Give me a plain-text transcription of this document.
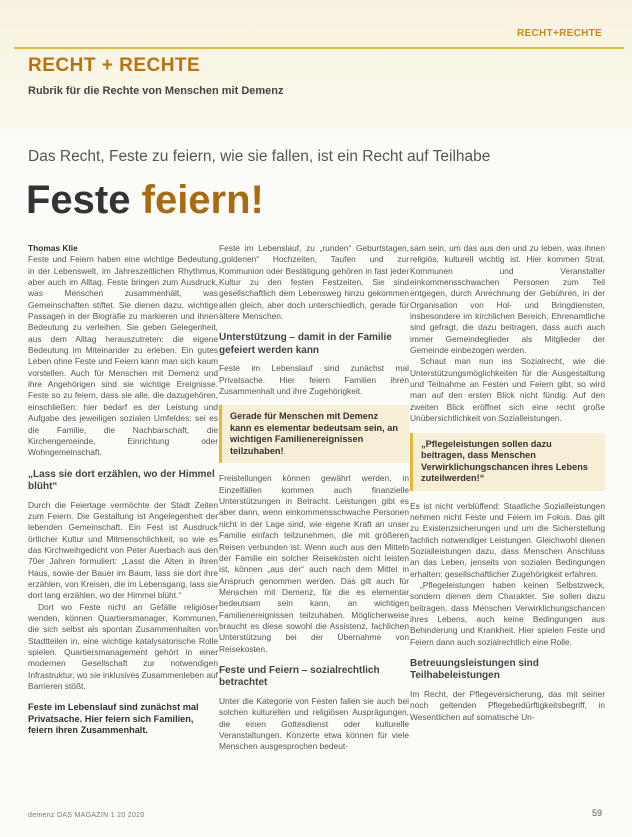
RECHT+RECHTE
RECHT + RECHTE
Rubrik für die Rechte von Menschen mit Demenz
Das Recht, Feste zu feiern, wie sie fallen, ist ein Recht auf Teilhabe
Feste feiern!

Thomas Klie

Feste und Feiern haben eine wichtige Bedeutung in der Lebenswelt, im Jahreszeitlichen Rhythmus, aber auch im Alltag. Feste bringen zum Ausdruck, was Menschen zusammenhält, was Gemeinschaften stiftet. Sie dienen dazu, wichtige Passagen in der Biografie zu markieren und ihnen Bedeutung zu verleihen. Sie geben Gelegenheit, aus dem Alltag herauszutreten: die eigene Bedeutung im Miteinander zu erleben. Ein gutes Leben ohne Feste und Feiern kann man sich kaum vorstellen. Auch für Menschen mit Demenz und ihre Angehörigen sind sie wichtige Ereignisse. Feste so zu feiern, dass sie alle, die dazugehören, einschließen: hier bedarf es der Leistung und Aufgabe des jeweiligen sozialen Umfeldes: sei es die Familie, die Nachbarschaft, die Kirchengemeinde, Einrichtung oder Wohngemeinschaft.

„Lass sie dort erzählen, wo der Himmel blüht“

Durch die Feiertage vermöchte der Stadt Zeiten zum Feiern. Die Gestaltung ist Angelegenheit der lebenden Gemeinschaft. Ein Fest ist Ausdruck örtlicher Kultur und Mitmenschlichkeit, so wie es das Kirchweihgedicht von Peter Auerbach aus den 70er Jahren formuliert: „Lasst die Alten in ihren Haus, sowie der Bauer im Baum, lass sie dort ihre erzählen, von Kreisen, die im Lebensgang, lass sie dort lang erzählen, wo der Himmel blüht.“

Dort wo Feste nicht an Gefälle religiöser wenden, können Quartiersmanager, Kommunen, die sich selbst als spontan Zusammenhalten von Stadtteilen in, eine wichtige katalysatorische Rolle spielen. Quartiersmanagement gehört in einer modernen Gesellschaft zur notwendigen Infrastruktur, wo sie inklusives Zusammenleben auf Barrieren stößt.

Feste im Lebenslauf sind zunächst mal Privatsache. Hier feiern sich Familien, feiern ihren Zusammenhalt.

Feste im Lebenslauf, zu „runden“ Geburtstagen, „goldenen“ Hochzeiten, Taufen und zur Kommunion oder Bestätigung gehören in fast jeder Kultur zu den festen Festzeiten. Sie sind gesellschaftlich dem Lebensweg hinzu gekommen allen gleich, aber doch unterschiedlich, gerade für ältere Menschen.

Unterstützung – damit in der Familie gefeiert werden kann

Feste im Lebenslauf sind zunächst mal Privatsache. Hier feiern Familien ihren Zusammenhalt und ihre Zugehörigkeit.

Gerade für Menschen mit Demenz kann es elementar bedeutsam sein, an wichtigen Familienereignissen teilzuhaben!

Freistellungen können gewährt werden, in Einzelfällen kommen auch finanzielle Unterstützungen in Betracht. Leistungen gibt es aber dann, wenn einkommensschwache Personen nicht in der Lage sind, wie eigene Kraft an unser Familie einfach teilzunehmen, die mit größeren Reisen verbunden ist. Wenn auch aus den Mitteln der Familie ein solcher Reisekosten nicht leisten ist, können „aus der“ auch nach dem Mittel in Anspruch genommen werden. Das gilt auch für Menschen mit Demenz, für die es elementar bedeutsam sein kann, an wichtigen Familienereignissen teilzuhaben. Möglicherweise braucht es diese sowohl die Assistenz, fachlichen Unterstützung bei der Übernahme von Reisekosten.

Feste und Feiern – sozialrechtlich betrachtet

Unter die Kategorie von Festen fallen sie auch bei solchen kulturellen und religiösen Ausprägungen, die einen Gottesdienst oder kulturelle Veranstaltungen. Konzerte etwa können für viele Menschen ausgesprochen bedeut-

sam sein, um das aus den und zu leben, was ihnen religiös, kulturell wichtig ist. Hier kommen Strat, Kommunen und Veranstalter einkommensschwachen Personen zum Teil entgegen, durch Anrechnung der Gebühren, in der Organisation von Hol- und Bringdiensten, insbesondere im kirchlichen Bereich. Ehrenamtliche sind gefragt, die dazu beitragen, dass auch auch immer Gemeindeglieder als Mitglieder der Gemeinde einbezogen werden.

Schaut man nun ins Sozialrecht, wie die Unterstützungsmöglichkeiten für die Ausgestaltung und Teilnahme an Festen und Feiern gibt, so wird man auf den ersten Blick nicht fündig. Auf den zweiten Blick eröffnet sich eine recht große Unübersichtlichkeit von Sozialleistungen.

„Pflegeleistungen sollen dazu beitragen, dass Menschen Verwirklichungschancen ihres Lebens zuteilwerden!“

Es ist nicht verblüffend: Staatliche Sozialleistungen nehmen nicht Feste und Feiern im Fokus. Das gilt zu Existenzsicherungen und um die Sicherstellung fachlich notwendiger Leistungen. Gleichwohl dienen Sozialleistungen dazu, dass Menschen Anschluss an das Leben, jenseits von sozialen Bedingungen erhalten: gesellschaftlicher Zugehörigkeit erfahren.

„Pflegeleistungen haben keinen Selbstzweck, sondern dienen dem Charakter. Sie sollen dazu beitragen, dass Menschen Verwirklichungschancen ihres Lebens, auch keine Bedingungen aus Behinderung und Krankheit. Hier spielen Feste und Feiern dann auch sozialrechtlich eine Rolle.

Betreuungsleistungen sind Teilhabeleistungen

Im Recht, der Pflegeversicherung, das mit seiner noch geltenden Pflegebedürftigkeitsbegriff, in Wesentlichen auf somatische Un-

demenz DAS MAGAZIN 1 20 2020	59
